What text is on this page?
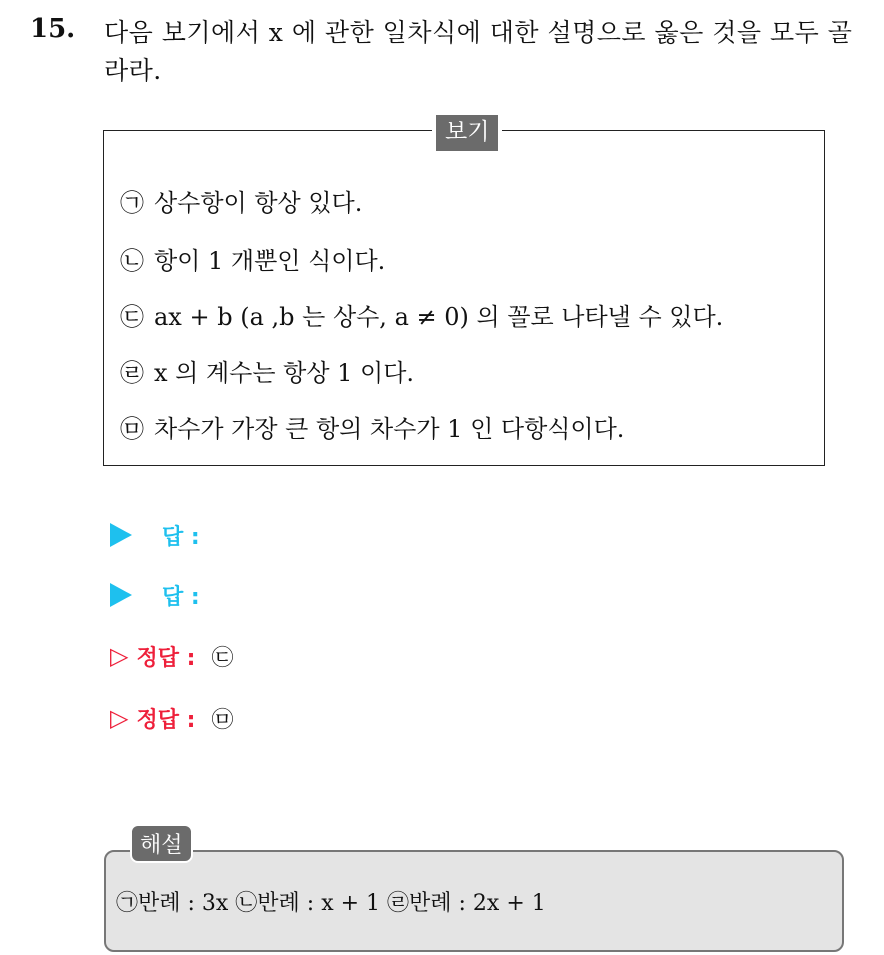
15. 다음 보기에서 x 에 관한 일차식에 대한 설명으로 옳은 것을 모두 골라라.
보기
㉠ 상수항이 항상 있다.
㉡ 항이 1 개뿐인 식이다.
㉢ ax + b (a ,b 는 상수, a ≠ 0) 의 꼴로 나타낼 수 있다.
㉣ x 의 계수는 항상 1 이다.
㉤ 차수가 가장 큰 항의 차수가 1 인 다항식이다.
답 :
답 :
▷ 정답 : ㉢
▷ 정답 : ㉤
해설
㉠반례 : 3x ㉡반례 : x + 1 ㉣반례 : 2x + 1
